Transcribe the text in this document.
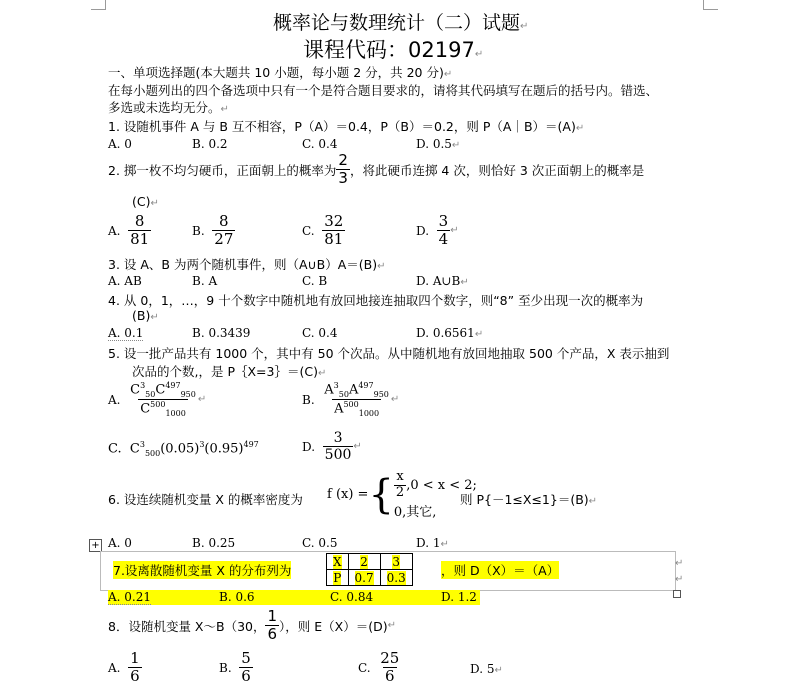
概率论与数理统计（二）试题↵
课程代码：02197↵
一、单项选择题(本大题共 10 小题，每小题 2 分，共 20 分)↵
在每小题列出的四个备选项中只有一个是符合题目要求的，请将其代码填写在题后的括号内。错选、
多选或未选均无分。↵
1. 设随机事件 A 与 B 互不相容，P（A）＝0.4，P（B）＝0.2，则 P（A｜B）＝(A)↵
A. 0	B. 0.2	C. 0.4	D. 0.5↵
2. 掷一枚不均匀硬币，正面朝上的概率为 $\frac{2}{3}$ ，将此硬币连掷 4 次，则恰好 3 次正面朝上的概率是
(C)↵
A.
$\frac{8}{81}$	B.
$\frac{8}{27}$	C.
$\frac{32}{81}$	D.
$\frac{3}{4}$ ↵
3. 设 A、B 为两个随机事件，则（A∪B）A＝(B)↵
A. AB	B. A	C. B	D. A∪B↵
4. 从 0，1，…，9 十个数字中随机地有放回地接连抽取四个数字，则“8” 至少出现一次的概率为
(B)↵
A. 0.1	B. 0.3439	C. 0.4	D. 0.6561↵
5. 设一批产品共有 1000 个，其中有 50 个次品。从中随机地有放回地抽取 500 个产品，X 表示抽到
次品的个数,，是 P｛X=3｝＝(C)↵
A.
$\frac{C^3_{50}C^{497}_{950}}{C^{500}_{1000}}$ ↵	B.
$\frac{A^3_{50}A^{497}_{950}}{A^{500}_{1000}}$ ↵
C. $C^3_{500}(0.05)^3(0.95)^{497}$	D.
$\frac{3}{500}$ ↵
6. 设连续随机变量 X 的概率密度为 f (x) = { $\frac{x}{2} ,0 < x < 2$;
0,其它,
则 P{－1≤X≤1}＝(B)↵
+ A. 0	B. 0.25	C. 0.5	D. 1↵
7.设离散随机变量 X 的分布列为
X	2	3
P	0.7	0.3	，则 D（X）＝（A）	↵
↵
A. 0.21	B. 0.6	C. 0.84	D. 1.2
8．设随机变量 X～B（30， $\frac{1}{6}$ ），则 E（X）＝(D) ↵
A.
$\frac{1}{6}$	B.
$\frac{5}{6}$	C.
$\frac{25}{6}$	D. 5↵
